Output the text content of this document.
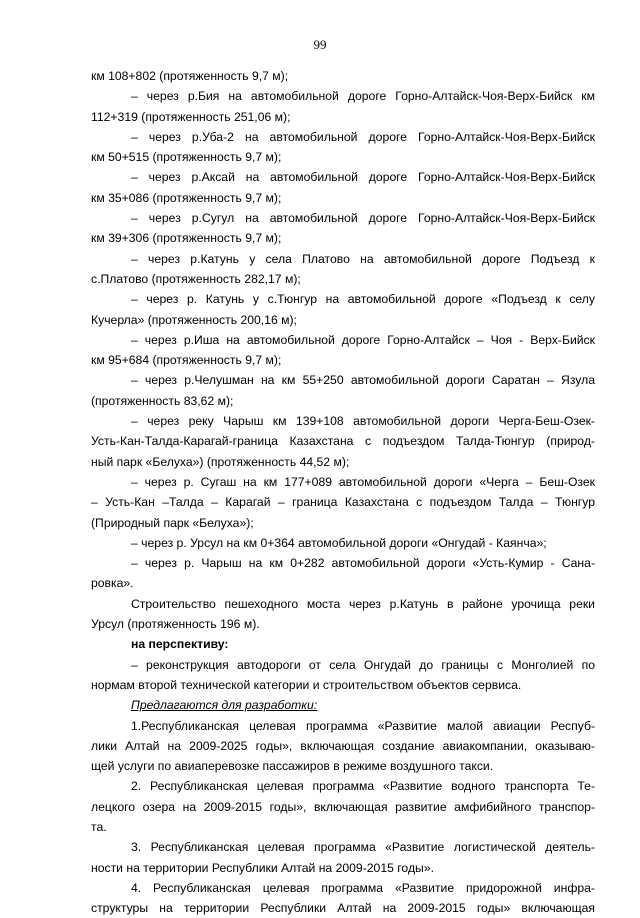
99
км 108+802 (протяженность 9,7 м);
– через р.Бия на автомобильной дороге Горно-Алтайск-Чоя-Верх-Бийск км
112+319 (протяженность 251,06 м);
– через р.Уба-2 на автомобильной дороге Горно-Алтайск-Чоя-Верх-Бийск
км 50+515 (протяженность 9,7 м);
– через р.Аксай на автомобильной дороге Горно-Алтайск-Чоя-Верх-Бийск
км 35+086 (протяженность 9,7 м);
– через р.Сугул на автомобильной дороге Горно-Алтайск-Чоя-Верх-Бийск
км 39+306 (протяженность 9,7 м);
– через р.Катунь у села Платово на автомобильной дороге Подъезд к
с.Платово (протяженность 282,17 м);
– через р. Катунь у с.Тюнгур на автомобильной дороге «Подъезд к селу
Кучерла» (протяженность 200,16 м);
– через р.Иша на автомобильной дороге Горно-Алтайск – Чоя - Верх-Бийск
км 95+684 (протяженность 9,7 м);
– через р.Челушман на км 55+250 автомобильной дороги Саратан – Язула
(протяженность 83,62 м);
– через реку Чарыш км 139+108 автомобильной дороги Черга-Беш-Озек-
Усть-Кан-Талда-Карагай-граница Казахстана с подъездом Талда-Тюнгур (природ-
ный парк «Белуха») (протяженность 44,52 м);
– через р. Сугаш на км 177+089 автомобильной дороги «Черга – Беш-Озек
– Усть-Кан –Талда – Карагай – граница Казахстана с подъездом Талда – Тюнгур
(Природный парк «Белуха»);
– через р. Урсул на км 0+364 автомобильной дороги «Онгудай - Каянча»;
– через р. Чарыш на км 0+282 автомобильной дороги «Усть-Кумир - Сана-
ровка».
Строительство пешеходного моста через р.Катунь в районе урочища реки
Урсул (протяженность 196 м).
на перспективу:
– реконструкция автодороги от села Онгудай до границы с Монголией по
нормам второй технической категории и строительством объектов сервиса.
Предлагаются для разработки:
1.Республиканская целевая программа «Развитие малой авиации Респуб-
лики Алтай на 2009-2025 годы», включающая создание авиакомпании, оказываю-
щей услуги по авиаперевозке пассажиров в режиме воздушного такси.
2. Республиканская целевая программа «Развитие водного транспорта Те-
лецкого озера на 2009-2015 годы», включающая развитие амфибийного транспор-
та.
3. Республиканская целевая программа «Развитие логистической деятель-
ности на территории Республики Алтай на 2009-2015 годы».
4. Республиканская целевая программа «Развитие придорожной инфра-
структуры на территории Республики Алтай на 2009-2015 годы» включающая
